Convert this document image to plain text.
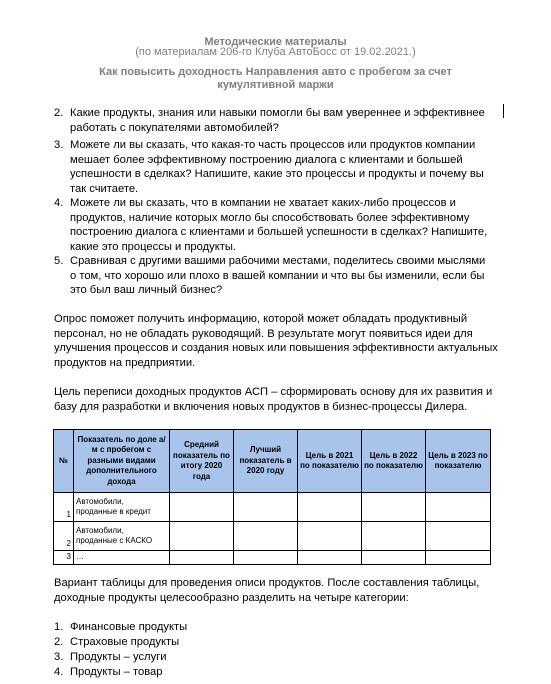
Методические материалы
(по материалам 206-го Клуба АвтоБосс от 19.02.2021.)
Как повысить доходность Направления авто с пробегом за счет
кумулятивной маржи
2. Какие продукты, знания или навыки помогли бы вам увереннее и эффективнее
работать с покупателями автомобилей?
3. Можете ли вы сказать, что какая-то часть процессов или продуктов компании
мешает более эффективному построению диалога с клиентами и большей
успешности в сделках? Напишите, какие это процессы и продукты и почему вы
так считаете.
4. Можете ли вы сказать, что в компании не хватает каких-либо процессов и
продуктов, наличие которых могло бы способствовать более эффективному
построению диалога с клиентами и большей успешности в сделках? Напишите,
какие это процессы и продукты.
5. Сравнивая с другими вашими рабочими местами, поделитесь своими мыслями
о том, что хорошо или плохо в вашей компании и что вы бы изменили, если бы
это был ваш личный бизнес?
Опрос поможет получить информацию, которой может обладать продуктивный
персонал, но не обладать руководящий. В результате могут появиться идеи для
улучшения процессов и создания новых или повышения эффективности актуальных
продуктов на предприятии.
Цель переписи доходных продуктов АСП – сформировать основу для их развития и
базу для разработки и включения новых продуктов в бизнес-процессы Дилера.
№	Показатель по доле а/м с пробегом с разными видами дополнительного дохода	Средний показатель по итогу 2020 года	Лучший показатель в 2020 году	Цель в 2021 по показателю	Цель в 2022 по показателю	Цель в 2023 по показателю
1	Автомобили, проданные в кредит					
2	Автомобили, проданные с КАСКО					
3	…					
Вариант таблицы для проведения описи продуктов. После составления таблицы,
доходные продукты целесообразно разделить на четыре категории:
1. Финансовые продукты
2. Страховые продукты
3. Продукты – услуги
4. Продукты – товар
